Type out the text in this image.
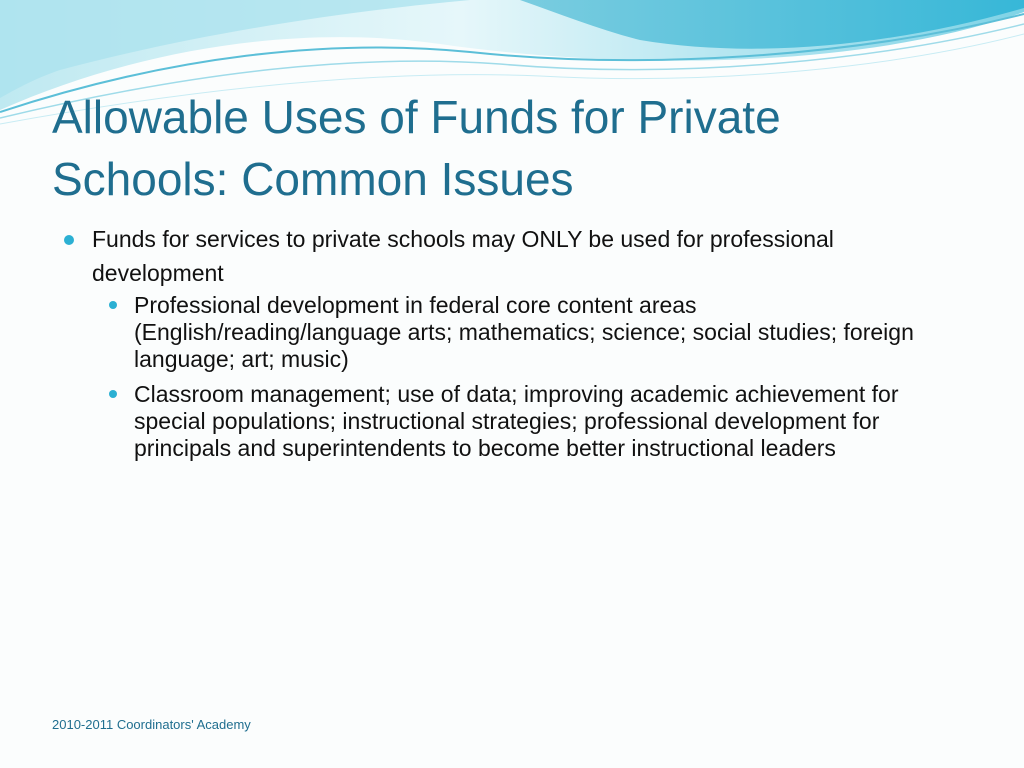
Allowable Uses of Funds for Private Schools: Common Issues
Funds for services to private schools may ONLY be used for professional development
Professional development in federal core content areas (English/reading/language arts; mathematics; science; social studies; foreign language; art; music)
Classroom management; use of data; improving academic achievement for special populations; instructional strategies; professional development for principals and superintendents to become better instructional leaders
2010-2011 Coordinators' Academy
